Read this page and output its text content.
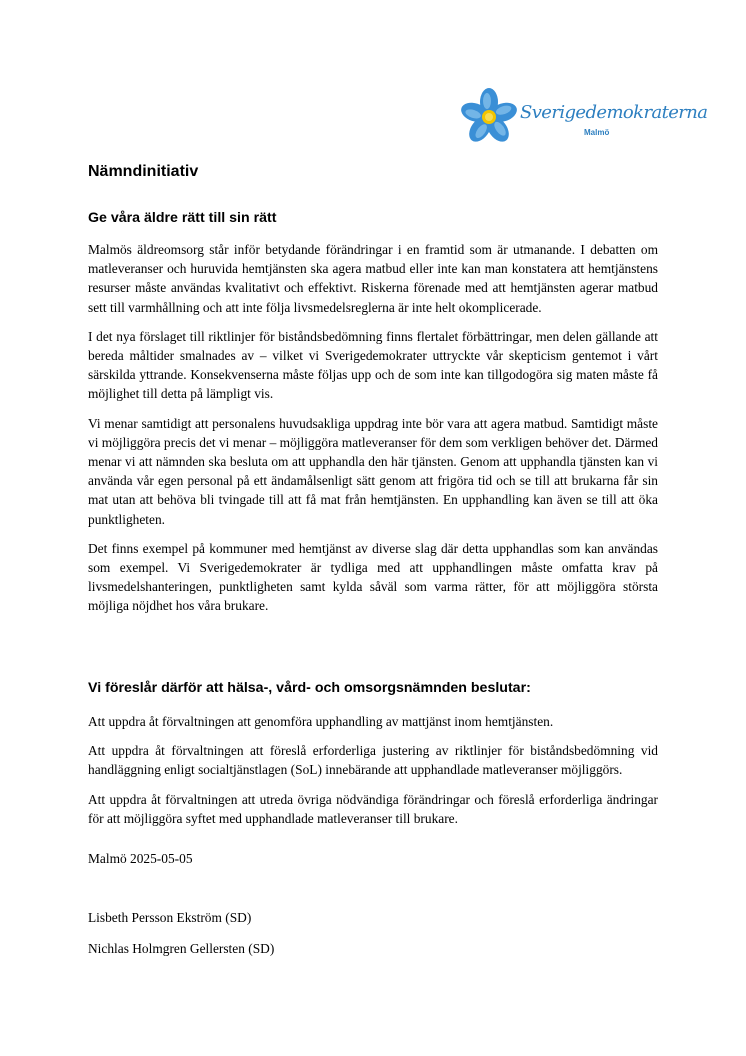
Sverigedemokraterna
Malmö
Nämndinitiativ
Ge våra äldre rätt till sin rätt

Malmös äldreomsorg står inför betydande förändringar i en framtid som är utmanande. I debatten om matleveranser och huruvida hemtjänsten ska agera matbud eller inte kan man konstatera att hemtjänstens resurser måste användas kvalitativt och effektivt. Riskerna förenade med att hemtjänsten agerar matbud sett till varmhållning och att inte följa livsmedelsreglerna är inte helt okomplicerade.

I det nya förslaget till riktlinjer för biståndsbedömning finns flertalet förbättringar, men delen gällande att bereda måltider smalnades av – vilket vi Sverigedemokrater uttryckte vår skepticism gentemot i vårt särskilda yttrande. Konsekvenserna måste följas upp och de som inte kan tillgodogöra sig maten måste få möjlighet till detta på lämpligt vis.

Vi menar samtidigt att personalens huvudsakliga uppdrag inte bör vara att agera matbud. Samtidigt måste vi möjliggöra precis det vi menar – möjliggöra matleveranser för dem som verkligen behöver det. Därmed menar vi att nämnden ska besluta om att upphandla den här tjänsten. Genom att upphandla tjänsten kan vi använda vår egen personal på ett ändamålsenligt sätt genom att frigöra tid och se till att brukarna får sin mat utan att behöva bli tvingade till att få mat från hemtjänsten. En upphandling kan även se till att öka punktligheten.

Det finns exempel på kommuner med hemtjänst av diverse slag där detta upphandlas som kan användas som exempel. Vi Sverigedemokrater är tydliga med att upphandlingen måste omfatta krav på livsmedelshanteringen, punktligheten samt kylda såväl som varma rätter, för att möjliggöra största möjliga nöjdhet hos våra brukare.

Vi föreslår därför att hälsa-, vård- och omsorgsnämnden beslutar:

Att uppdra åt förvaltningen att genomföra upphandling av mattjänst inom hemtjänsten.

Att uppdra åt förvaltningen att föreslå erforderliga justering av riktlinjer för biståndsbedömning vid handläggning enligt socialtjänstlagen (SoL) innebärande att upphandlade matleveranser möjliggörs.

Att uppdra åt förvaltningen att utreda övriga nödvändiga förändringar och föreslå erforderliga ändringar för att möjliggöra syftet med upphandlade matleveranser till brukare.

Malmö 2025-05-05

Lisbeth Persson Ekström (SD)

Nichlas Holmgren Gellersten (SD)
